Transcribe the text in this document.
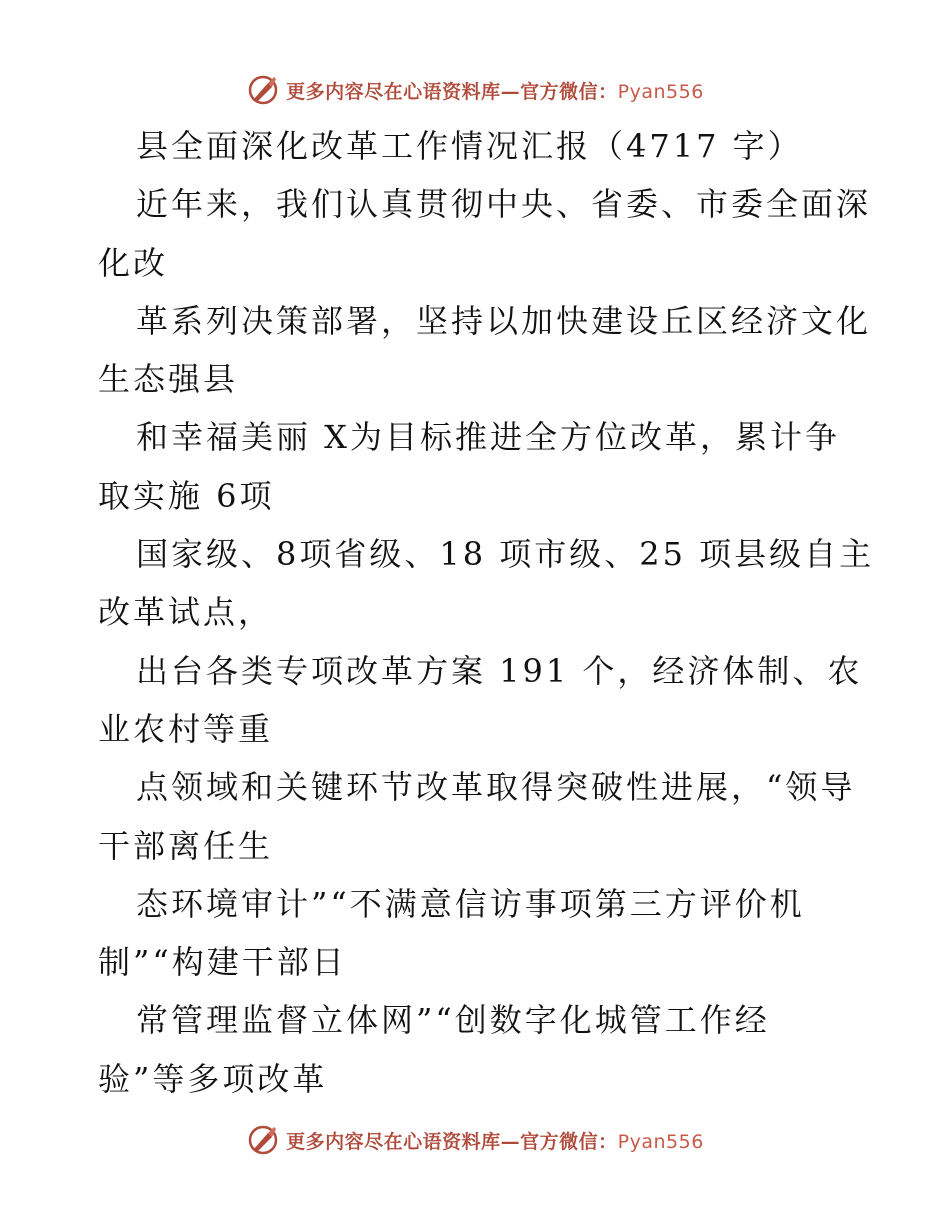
更多内容尽在心语资料库—官方微信：Pyan556
县全面深化改革工作情况汇报（4717 字）
近年来，我们认真贯彻中央、省委、市委全面深
化改
革系列决策部署，坚持以加快建设丘区经济文化
生态强县
和幸福美丽 X为目标推进全方位改革，累计争
取实施 6项
国家级、8项省级、18 项市级、25 项县级自主
改革试点，
出台各类专项改革方案 191 个，经济体制、农
业农村等重
点领域和关键环节改革取得突破性进展，“领导
干部离任生
态环境审计”“不满意信访事项第三方评价机
制”“构建干部日
常管理监督立体网”“创数字化城管工作经
验”等多项改革
更多内容尽在心语资料库—官方微信：Pyan556
